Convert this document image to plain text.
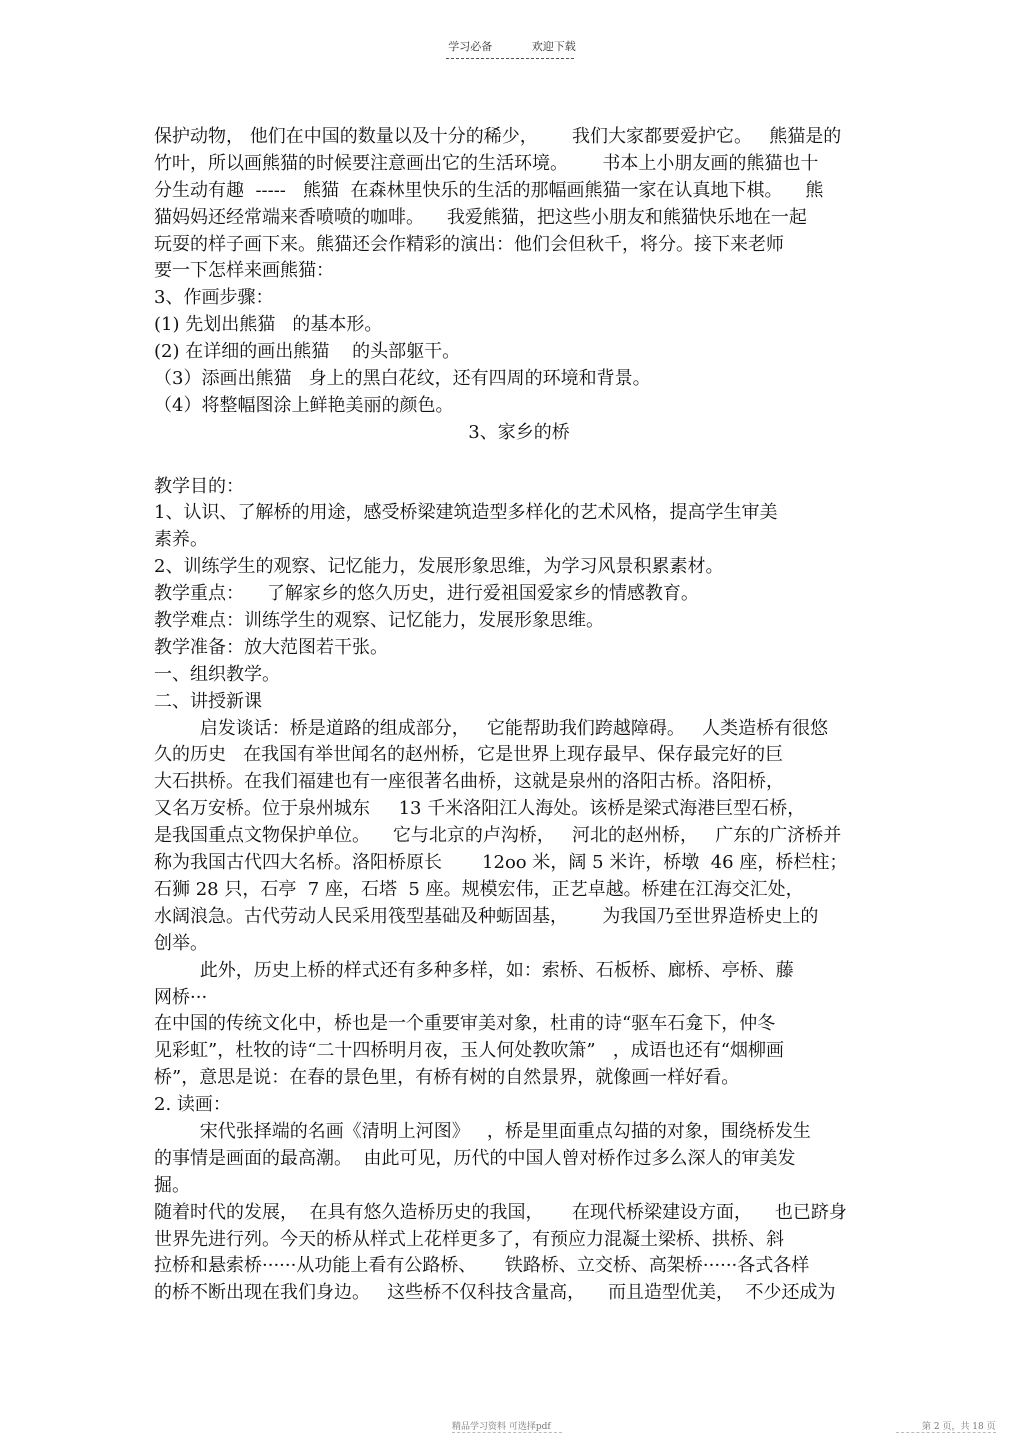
学习必备	欢迎下载
保护动物， 他们在中国的数量以及十分的稀少，      我们大家都要爱护它。   熊猫是的
竹叶，所以画熊猫的时候要注意画出它的生活环境。      书本上小朋友画的熊猫也十
分生动有趣  -----   熊猫  在森林里快乐的生活的那幅画熊猫一家在认真地下棋。    熊
猫妈妈还经常端来香喷喷的咖啡。    我爱熊猫，把这些小朋友和熊猫快乐地在一起
玩耍的样子画下来。熊猫还会作精彩的演出：他们会但秋千，将分。接下来老师
要一下怎样来画熊猫：
3、作画步骤：
(1) 先划出熊猫   的基本形。
(2) 在详细的画出熊猫    的头部躯干。
（3）添画出熊猫   身上的黑白花纹，还有四周的环境和背景。
（4）将整幅图涂上鲜艳美丽的颜色。
3、家乡的桥
教学目的：
1、认识、了解桥的用途，感受桥梁建筑造型多样化的艺术风格，提高学生审美
素养。
2、训练学生的观察、记忆能力，发展形象思维，为学习风景积累素材。
教学重点：    了解家乡的悠久历史，进行爱祖国爱家乡的情感教育。
教学难点：训练学生的观察、记忆能力，发展形象思维。
教学准备：放大范图若干张。
一、组织教学。
二、讲授新课
启发谈话：桥是道路的组成部分，   它能帮助我们跨越障碍。   人类造桥有很悠
久的历史   在我国有举世闻名的赵州桥，它是世界上现存最早、保存最完好的巨
大石拱桥。在我们福建也有一座很著名曲桥，这就是泉州的洛阳古桥。洛阳桥，
又名万安桥。位于泉州城东     13 千米洛阳江人海处。该桥是梁式海港巨型石桥，
是我国重点文物保护单位。    它与北京的卢沟桥，   河北的赵州桥，   广东的广济桥并
称为我国古代四大名桥。洛阳桥原长       12oo 米，阔 5 米许，桥墩  46 座，桥栏柱；
石狮 28 只，石亭  7 座，石塔  5 座。规模宏伟，正艺卓越。桥建在江海交汇处，
水阔浪急。古代劳动人民采用筏型基础及种蛎固基，      为我国乃至世界造桥史上的
创举。
此外，历史上桥的样式还有多种多样，如：索桥、石板桥、廊桥、亭桥、藤
网桥···
在中国的传统文化中，桥也是一个重要审美对象，杜甫的诗“驱车石龛下，仲冬
见彩虹”，杜牧的诗“二十四桥明月夜，玉人何处教吹箫”   ，成语也还有“烟柳画
桥”，意思是说：在春的景色里，有桥有树的自然景界，就像画一样好看。
2. 读画：
宋代张择端的名画《清明上河图》   ，桥是里面重点勾描的对象，围绕桥发生
的事情是画面的最高潮。  由此可见，历代的中国人曾对桥作过多么深人的审美发
掘。
随着时代的发展，  在具有悠久造桥历史的我国，     在现代桥梁建设方面，    也已跻身
世界先进行列。今天的桥从样式上花样更多了，有预应力混凝土梁桥、拱桥、斜
拉桥和悬索桥······从功能上看有公路桥、     铁路桥、立交桥、高架桥······各式各样
的桥不断出现在我们身边。   这些桥不仅科技含量高，    而且造型优美，  不少还成为
精品学习资料 可选择pdf	第 2 页，共 18 页
